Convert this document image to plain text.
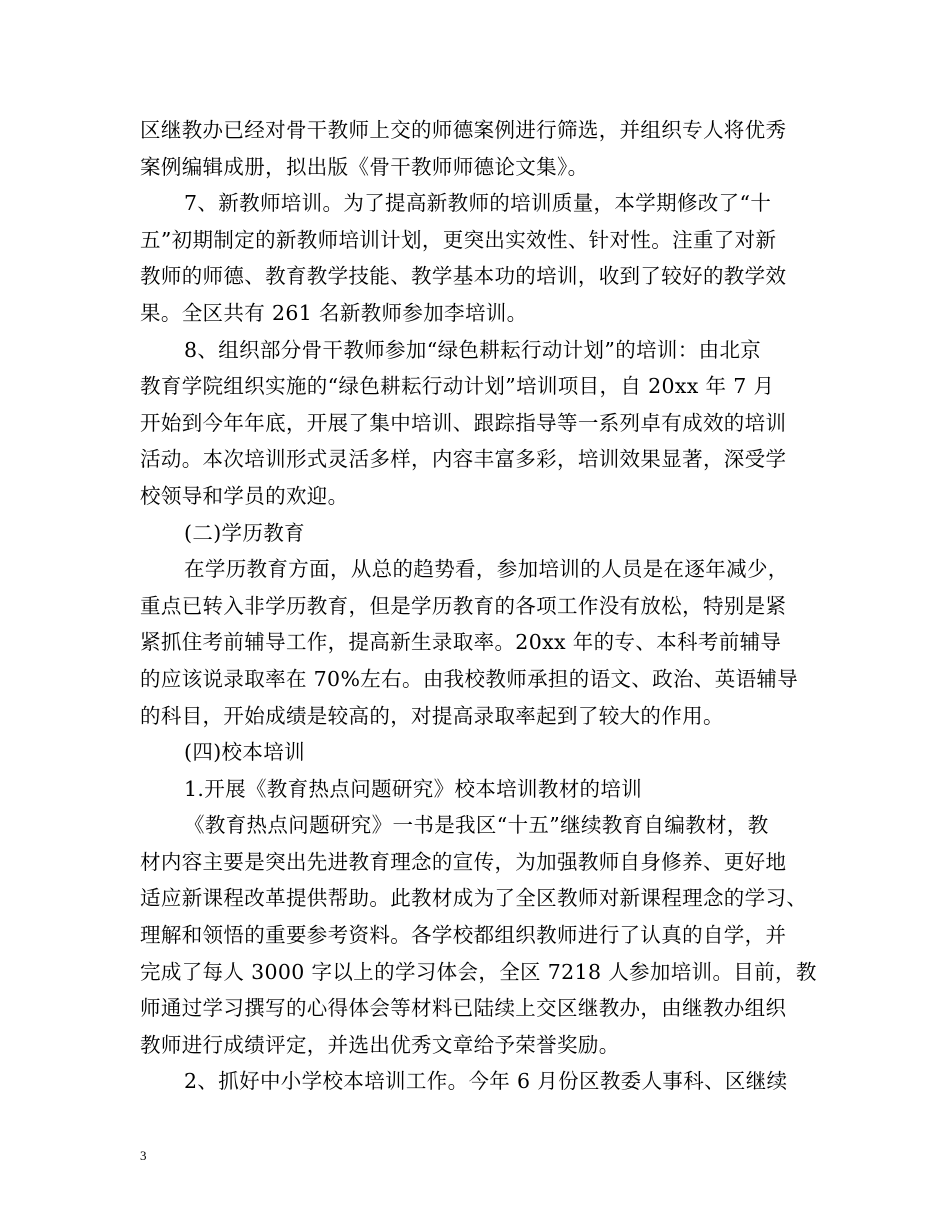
区继教办已经对骨干教师上交的师德案例进行筛选，并组织专人将优秀
案例编辑成册，拟出版《骨干教师师德论文集》。
7、新教师培训。为了提高新教师的培训质量，本学期修改了“十
五”初期制定的新教师培训计划，更突出实效性、针对性。注重了对新
教师的师德、教育教学技能、教学基本功的培训，收到了较好的教学效
果。全区共有 261 名新教师参加李培训。
8、组织部分骨干教师参加“绿色耕耘行动计划”的培训：由北京
教育学院组织实施的“绿色耕耘行动计划”培训项目，自 20xx 年 7 月
开始到今年年底，开展了集中培训、跟踪指导等一系列卓有成效的培训
活动。本次培训形式灵活多样，内容丰富多彩，培训效果显著，深受学
校领导和学员的欢迎。
(二)学历教育
在学历教育方面，从总的趋势看，参加培训的人员是在逐年减少，
重点已转入非学历教育，但是学历教育的各项工作没有放松，特别是紧
紧抓住考前辅导工作，提高新生录取率。20xx 年的专、本科考前辅导
的应该说录取率在 70%左右。由我校教师承担的语文、政治、英语辅导
的科目，开始成绩是较高的，对提高录取率起到了较大的作用。
(四)校本培训
1.开展《教育热点问题研究》校本培训教材的培训
《教育热点问题研究》一书是我区“十五”继续教育自编教材，教
材内容主要是突出先进教育理念的宣传，为加强教师自身修养、更好地
适应新课程改革提供帮助。此教材成为了全区教师对新课程理念的学习、
理解和领悟的重要参考资料。各学校都组织教师进行了认真的自学，并
完成了每人 3000 字以上的学习体会，全区 7218 人参加培训。目前，教
师通过学习撰写的心得体会等材料已陆续上交区继教办，由继教办组织
教师进行成绩评定，并选出优秀文章给予荣誉奖励。
2、抓好中小学校本培训工作。今年 6 月份区教委人事科、区继续
3
